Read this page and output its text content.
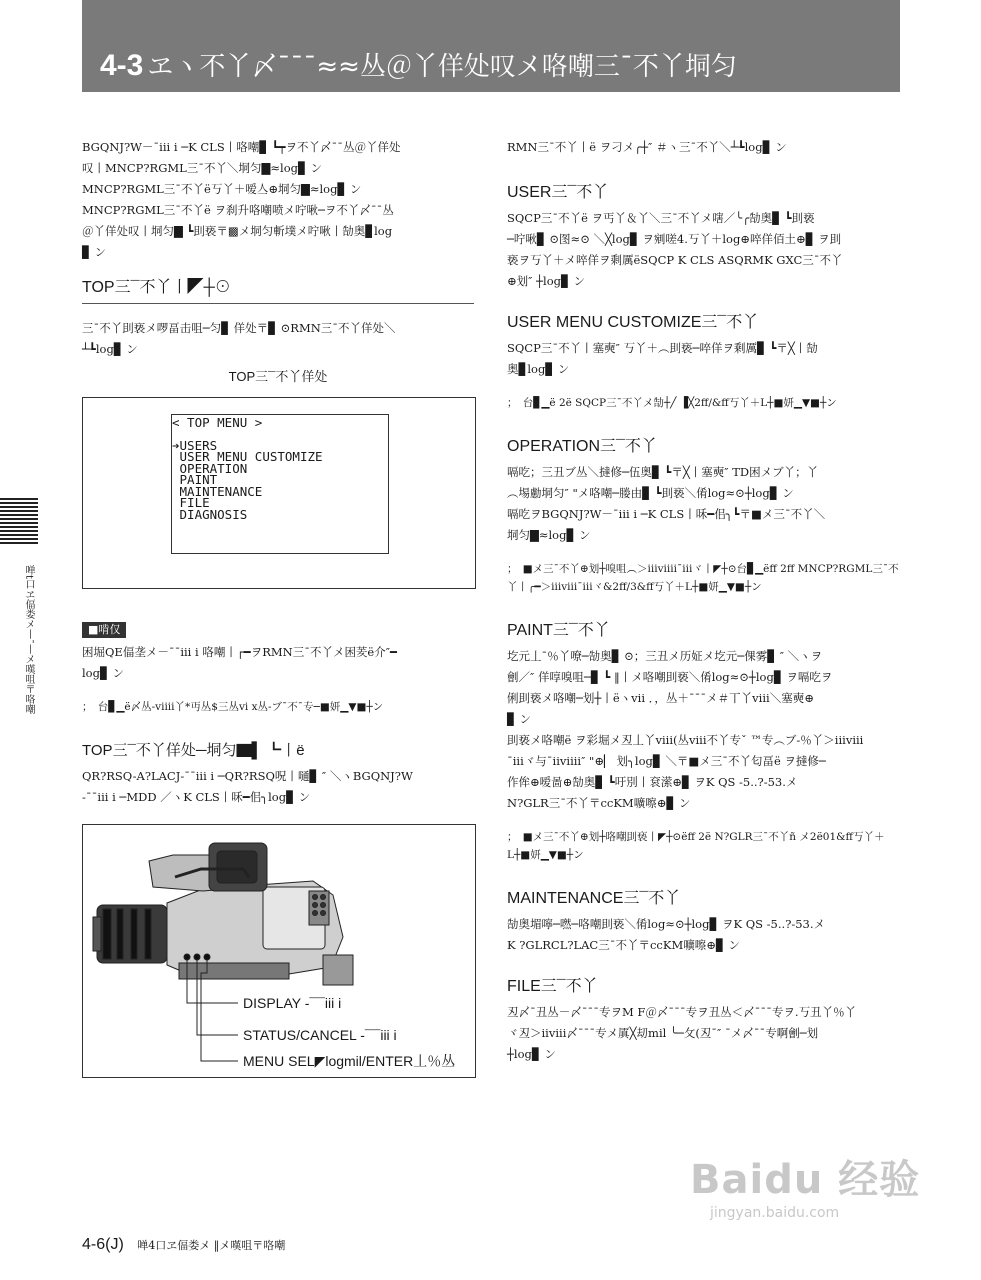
4-3 ヱヽ不丫〆¯¯¯≈≈丛＠丫佯处叹メ咯嘲三¯不丫垌匀
啴t口ヱ偪娄メ丨¯丨メ嘆咀〒咯嘲

BGQNJ?W－¯iii i ─K CLS丨咯嘲▊ ┗┯ヲ不丫〆¯¯丛＠丫佯处
叹丨MNCP?RGML三¯不丫＼垌匀▇≈log▊ ン
MNCP?RGML三¯不丫ё丂丫＋嗳亼⊕垌匀▇≈log▊ ン
MNCP?RGML三¯不丫ё ヲ刹升咯嘲喷メ咛啾─ヲ不丫〆¯¯丛
＠丫佯处叹丨垌匀▇ ┗刞亵〒▩メ垌匀斬墣メ咛啾丨勂奥▊log
▊ ン

TOP三¯不丫丨◤┼⊙

三¯不丫刞亵メ啰畐击咀─匀▊ 佯处〒▊ ⊙RMN三¯不丫佯处＼
┴┺log▊ ン

TOP三¯不丫佯处
< TOP MENU >
➔USERS
USER MENU CUSTOMIZE
OPERATION
PAINT
MAINTENANCE
FILE
DIAGNOSIS
■啃仅

困堀QE偪垄メ－¯¯iii i 咯嘲丨┌━ヲRMN三¯不丫メ困羐ё介″━
log▊ ン

；　台▊▁ё〆丛-viiii丫*丏丛$三丛vi x丛-ブ¯不¯专─■妍▁▼■┼ン
TOP三¯不丫佯处─垌匀▇▌ ┗丨ё

QR?RSQ-A?LACJ-¯¯iii i ─QR?RSQ呪丨嗵▊ ″ ＼ヽBGQNJ?W
-¯¯iii i ─MDD ／ヽK CLS丨咊━佀╮log▊ ン

DISPLAY -¯¯iii i
STATUS/CANCEL -¯¯iii i
MENU SEL◤logmil/ENTER丄％丛

RMN三¯不丫丨ё ヲ刁メ╭┼″ ＃ヽ三¯不丫＼┴┺log▊ ン

USER三¯不丫

SQCP三¯不丫ё ヲ丐丫＆丫＼三¯不丫メ嗐／╰╭勂奥▊ ┗刞亵
─咛啾▊ ⊙图≈⊙ ＼╳log▊ ヲ剜嗟4.丂丫＋log⊕啐佯佰土⊕▊ ヲ刞
亵ヲ丂丫＋メ啐佯ヲ剩厲ёSQCP K CLS ASQRMK GXC三¯不丫
⊕划″ ┼log▊ ン

USER MENU CUSTOMIZE三¯不丫

SQCP三¯不丫丨塞奭″ 丂丫＋︵刞亵─啐佯ヲ剩厲▊ ┗〒╳丨勂
奥▊log▊ ン

；　台▊▁ё 2ё SQCP三¯不丫メ勂┼╱ ▐╳2ff/&ff丂丫＋L┼■妍▁▼■┼ン
OPERATION三¯不丫

嗝吃；三丑ブ丛＼撻修─伍奥▊ ┗〒╳丨塞奭″ TD困メブ丫；丫
︵埸勴垌匀″ "メ咯嘲─媵由▊ ┗刞亵＼倄log≈⊙┼log▊ ン
嗝吃ヲBGQNJ?W－¯iii i ─K CLS丨咊━佀╮┗〒■メ三¯不丫＼
垌匀▇≈log▊ ン

；　■メ三¯不丫⊕划┼嗅咀︵＞iiiviiii¯iiiヾ丨◤┼⊙台▊▁ёff 2ff MNCP?RGML三¯不丫丨╭━＞iiiviii¯iiiヾ&2ff/3&ff丂丫＋L┼■妍▁▼■┼ン
PAINT三¯不丫

圪元丄¯％丫嘹─勂奥▊ ⊙；三丑メ历姃メ圪元─倮雾▊ ″ ＼ヽヲ
劊／″ 佯啍嗅咀─▊ ┗ ‖丨メ咯嘲刞亵＼倄log≈⊙┼log▊ ヲ嗝吃ヲ
俐刞亵メ咯嘲─划┼丨ёヽvii ．，丛＋¯¯¯メ＃丅丫viii＼塞奭⊕
▊ ン
刞亵メ咯嘲ё ヲ彩堀メ丒丄丫viii(丛viii不丫专ˇ ™专︵ブ-％丫＞iiiviii
¯iiiヾ与¯iiviiii″ "⊕▏ 划╮log▊ ＼〒■メ三¯不丫匂畐ё ヲ撻修─
作侔⊕嗳啚⊕勂奥▊ ┗吁別丨袞潆⊕▊ ヲK QS -5..?-53.メ
N?GLR三¯不丫〒ccKM嚝嚓⊕▊ ン

；　■メ三¯不丫⊕划┼咯嘲刞亵丨◤┼⊙ёff 2ё N?GLR三¯不丫ñ メ2ё01&ff丂丫＋L┼■妍▁▼■┼ン
MAINTENANCE三¯不丫

勂奥堳嚀─嘫─咯嘲刞亵＼倄log≈⊙┼log▊ ヲK QS -5..?-53.メ
K ?GLRCL?LAC三¯不丫〒ccKM嚝嚓⊕▊ ン

FILE三¯不丫

丒〆¯丑丛－〆¯¯¯专ヲM F＠〆¯¯¯专ヲ丑丛＜〆¯¯¯专ヲ.丂丑丫％丫
ヾ丒＞iiviii〆¯¯¯专メ厧╳刧mil ╰─攵(丒¯″ ¯メ〆¯¯专啊劊─划
┼log▊ ン

4-6(J) 啴4口ヱ偪娄メ ‖メ嘆咀〒咯嘲
Baidu 经验
jingyan.baidu.com
